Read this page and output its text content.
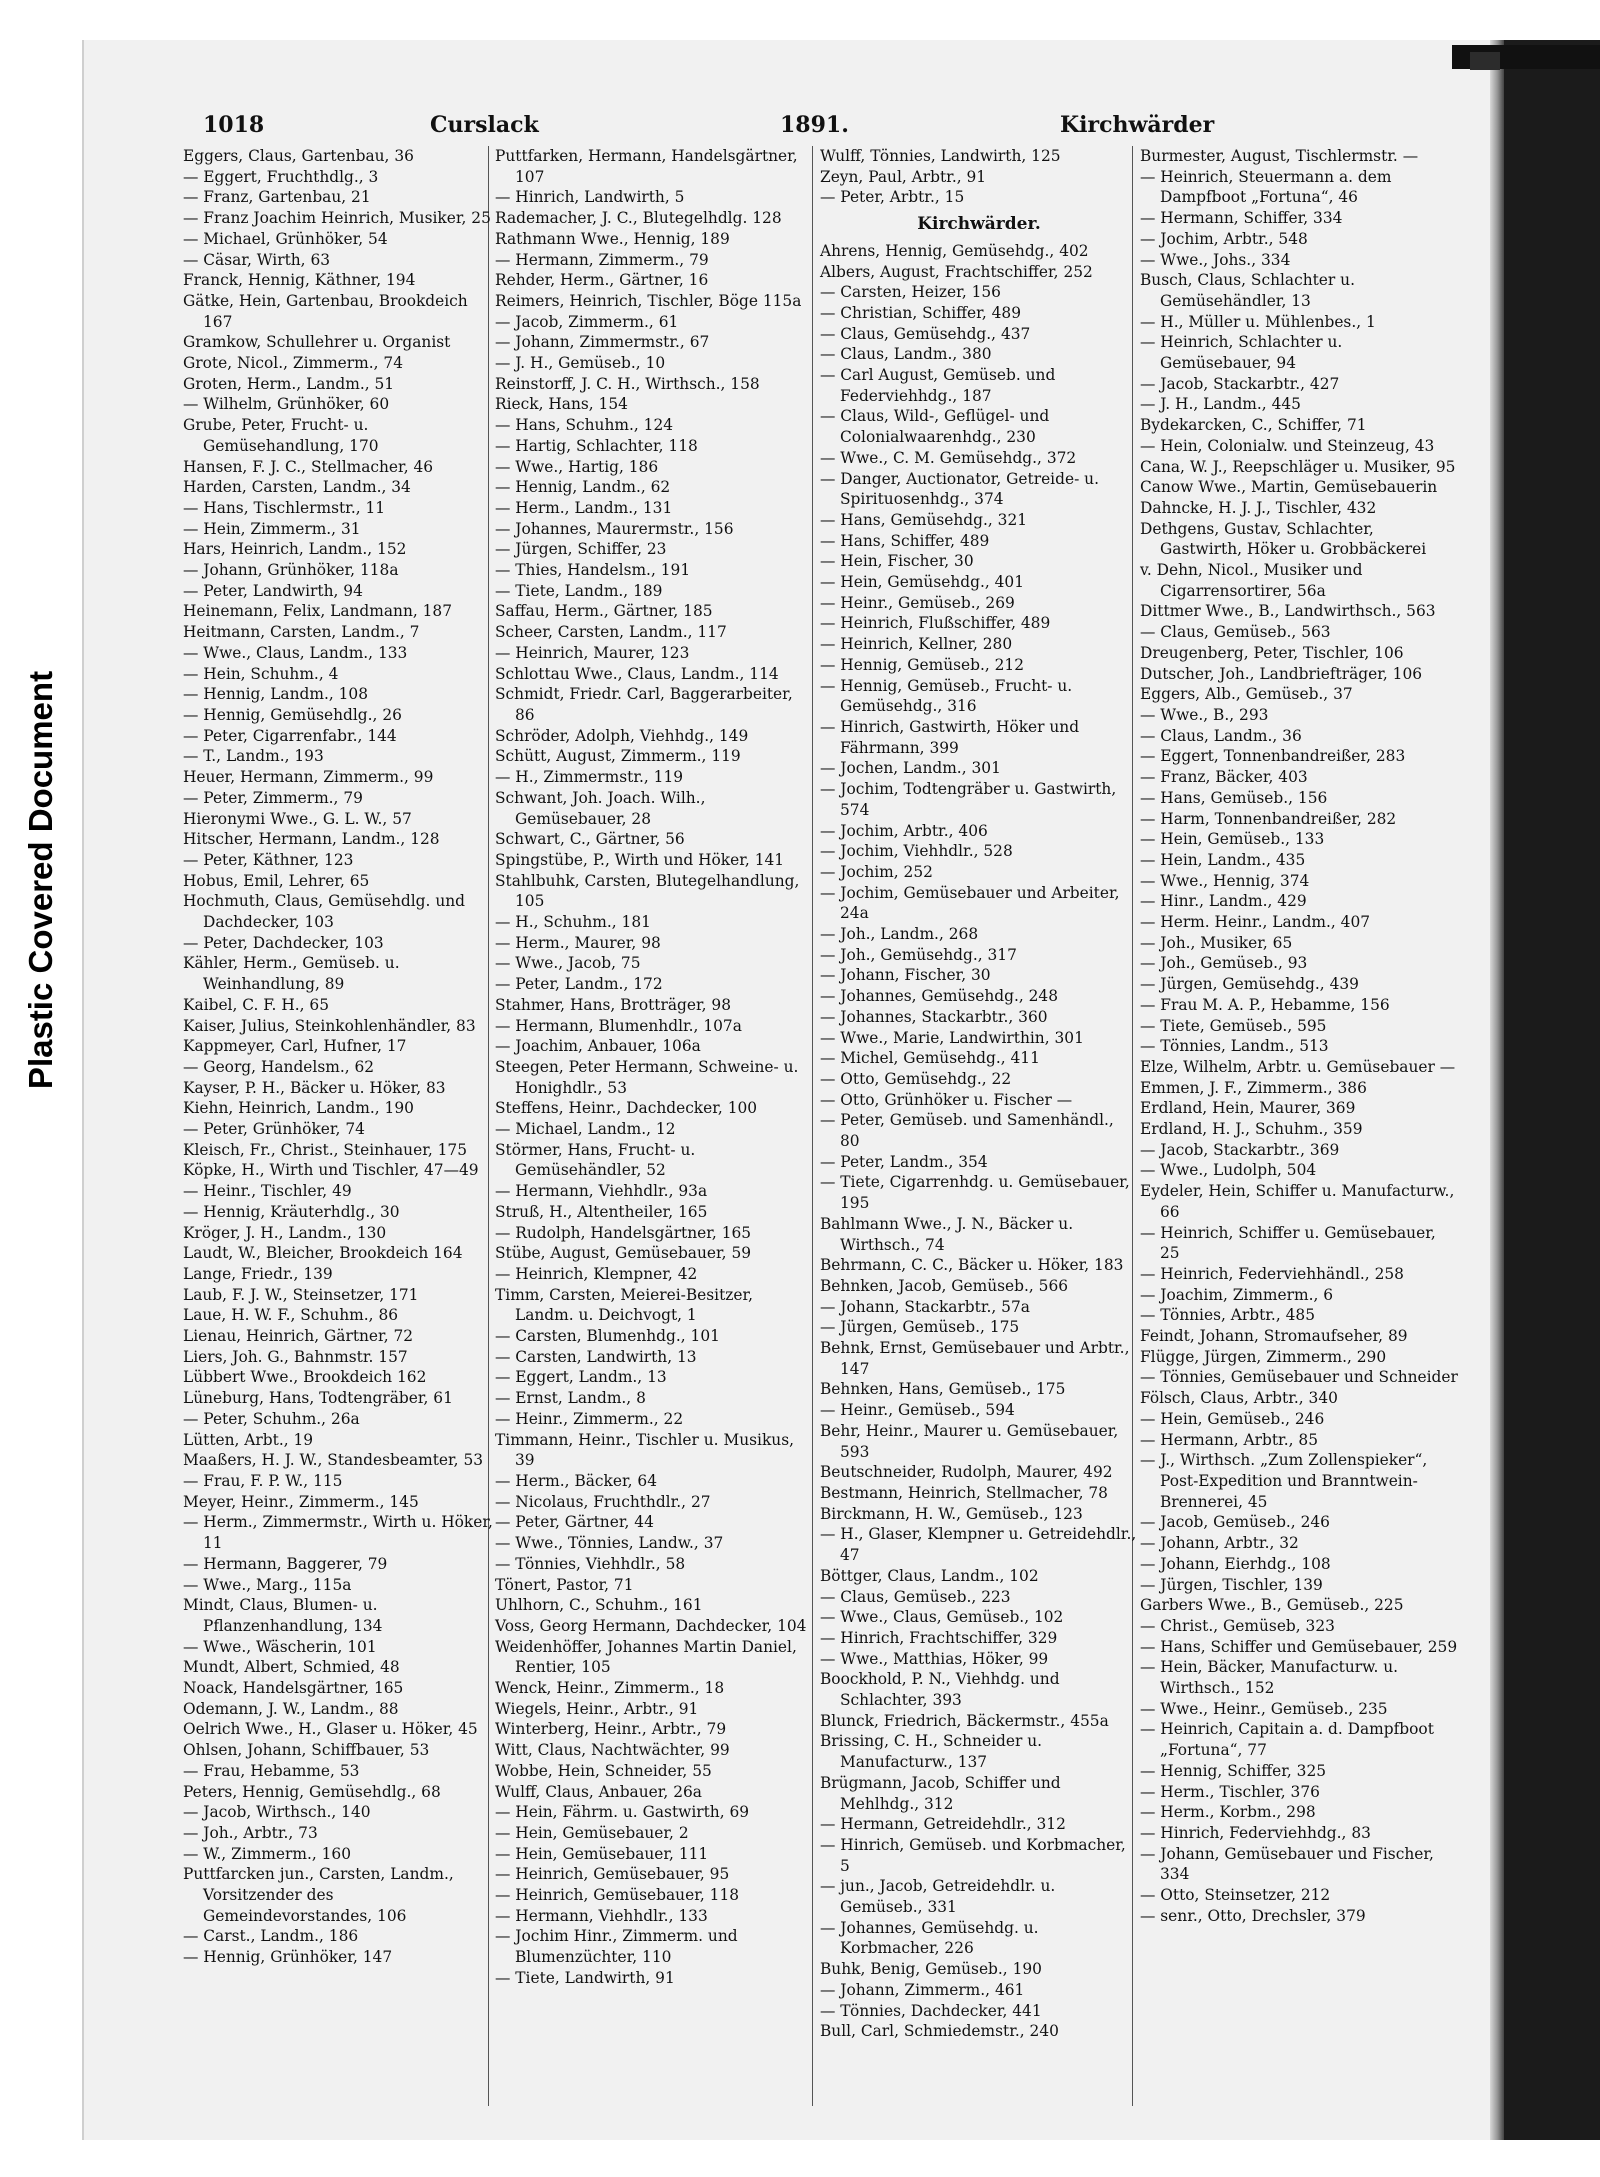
Plastic Covered Document
1018	Curslack	1891.	Kirchwärder
Eggers, Claus, Gartenbau, 36
— Eggert, Fruchthdlg., 3
— Franz, Gartenbau, 21
— Franz Joachim Heinrich, Musiker, 25
— Michael, Grünhöker, 54
— Cäsar, Wirth, 63
Franck, Hennig, Käthner, 194
Gätke, Hein, Gartenbau, Brookdeich 167
Gramkow, Schullehrer u. Organist
Grote, Nicol., Zimmerm., 74
Groten, Herm., Landm., 51
— Wilhelm, Grünhöker, 60
Grube, Peter, Frucht- u. Gemüsehandlung, 170
Hansen, F. J. C., Stellmacher, 46
Harden, Carsten, Landm., 34
— Hans, Tischlermstr., 11
— Hein, Zimmerm., 31
Hars, Heinrich, Landm., 152
— Johann, Grünhöker, 118a
— Peter, Landwirth, 94
Heinemann, Felix, Landmann, 187
Heitmann, Carsten, Landm., 7
— Wwe., Claus, Landm., 133
— Hein, Schuhm., 4
— Hennig, Landm., 108
— Hennig, Gemüsehdlg., 26
— Peter, Cigarrenfabr., 144
— T., Landm., 193
Heuer, Hermann, Zimmerm., 99
— Peter, Zimmerm., 79
Hieronymi Wwe., G. L. W., 57
Hitscher, Hermann, Landm., 128
— Peter, Käthner, 123
Hobus, Emil, Lehrer, 65
Hochmuth, Claus, Gemüsehdlg. und Dachdecker, 103
— Peter, Dachdecker, 103
Kähler, Herm., Gemüseb. u. Weinhandlung, 89
Kaibel, C. F. H., 65
Kaiser, Julius, Steinkohlenhändler, 83
Kappmeyer, Carl, Hufner, 17
— Georg, Handelsm., 62
Kayser, P. H., Bäcker u. Höker, 83
Kiehn, Heinrich, Landm., 190
— Peter, Grünhöker, 74
Kleisch, Fr., Christ., Steinhauer, 175
Köpke, H., Wirth und Tischler, 47—49
— Heinr., Tischler, 49
— Hennig, Kräuterhdlg., 30
Kröger, J. H., Landm., 130
Laudt, W., Bleicher, Brookdeich 164
Lange, Friedr., 139
Laub, F. J. W., Steinsetzer, 171
Laue, H. W. F., Schuhm., 86
Lienau, Heinrich, Gärtner, 72
Liers, Joh. G., Bahnmstr. 157
Lübbert Wwe., Brookdeich 162
Lüneburg, Hans, Todtengräber, 61
— Peter, Schuhm., 26a
Lütten, Arbt., 19
Maaßers, H. J. W., Standesbeamter, 53
— Frau, F. P. W., 115
Meyer, Heinr., Zimmerm., 145
— Herm., Zimmermstr., Wirth u. Höker, 11
— Hermann, Baggerer, 79
— Wwe., Marg., 115a
Mindt, Claus, Blumen- u. Pflanzenhandlung, 134
— Wwe., Wäscherin, 101
Mundt, Albert, Schmied, 48
Noack, Handelsgärtner, 165
Odemann, J. W., Landm., 88
Oelrich Wwe., H., Glaser u. Höker, 45
Ohlsen, Johann, Schiffbauer, 53
— Frau, Hebamme, 53
Peters, Hennig, Gemüsehdlg., 68
— Jacob, Wirthsch., 140
— Joh., Arbtr., 73
— W., Zimmerm., 160
Puttfarcken jun., Carsten, Landm., Vorsitzender des Gemeindevorstandes, 106
— Carst., Landm., 186
— Hennig, Grünhöker, 147
Puttfarken, Hermann, Handelsgärtner, 107
— Hinrich, Landwirth, 5
Rademacher, J. C., Blutegelhdlg. 128
Rathmann Wwe., Hennig, 189
— Hermann, Zimmerm., 79
Rehder, Herm., Gärtner, 16
Reimers, Heinrich, Tischler, Böge 115a
— Jacob, Zimmerm., 61
— Johann, Zimmermstr., 67
— J. H., Gemüseb., 10
Reinstorff, J. C. H., Wirthsch., 158
Rieck, Hans, 154
— Hans, Schuhm., 124
— Hartig, Schlachter, 118
— Wwe., Hartig, 186
— Hennig, Landm., 62
— Herm., Landm., 131
— Johannes, Maurermstr., 156
— Jürgen, Schiffer, 23
— Thies, Handelsm., 191
— Tiete, Landm., 189
Saffau, Herm., Gärtner, 185
Scheer, Carsten, Landm., 117
— Heinrich, Maurer, 123
Schlottau Wwe., Claus, Landm., 114
Schmidt, Friedr. Carl, Baggerarbeiter, 86
Schröder, Adolph, Viehhdg., 149
Schütt, August, Zimmerm., 119
— H., Zimmermstr., 119
Schwant, Joh. Joach. Wilh., Gemüsebauer, 28
Schwart, C., Gärtner, 56
Spingstübe, P., Wirth und Höker, 141
Stahlbuhk, Carsten, Blutegelhandlung, 105
— H., Schuhm., 181
— Herm., Maurer, 98
— Wwe., Jacob, 75
— Peter, Landm., 172
Stahmer, Hans, Brotträger, 98
— Hermann, Blumenhdlr., 107a
— Joachim, Anbauer, 106a
Steegen, Peter Hermann, Schweine- u. Honighdlr., 53
Steffens, Heinr., Dachdecker, 100
— Michael, Landm., 12
Störmer, Hans, Frucht- u. Gemüsehändler, 52
— Hermann, Viehhdlr., 93a
Struß, H., Altentheiler, 165
— Rudolph, Handelsgärtner, 165
Stübe, August, Gemüsebauer, 59
— Heinrich, Klempner, 42
Timm, Carsten, Meierei-Besitzer, Landm. u. Deichvogt, 1
— Carsten, Blumenhdg., 101
— Carsten, Landwirth, 13
— Eggert, Landm., 13
— Ernst, Landm., 8
— Heinr., Zimmerm., 22
Timmann, Heinr., Tischler u. Musikus, 39
— Herm., Bäcker, 64
— Nicolaus, Fruchthdlr., 27
— Peter, Gärtner, 44
— Wwe., Tönnies, Landw., 37
— Tönnies, Viehhdlr., 58
Tönert, Pastor, 71
Uhlhorn, C., Schuhm., 161
Voss, Georg Hermann, Dachdecker, 104
Weidenhöffer, Johannes Martin Daniel, Rentier, 105
Wenck, Heinr., Zimmerm., 18
Wiegels, Heinr., Arbtr., 91
Winterberg, Heinr., Arbtr., 79
Witt, Claus, Nachtwächter, 99
Wobbe, Hein, Schneider, 55
Wulff, Claus, Anbauer, 26a
— Hein, Fährm. u. Gastwirth, 69
— Hein, Gemüsebauer, 2
— Hein, Gemüsebauer, 111
— Heinrich, Gemüsebauer, 95
— Heinrich, Gemüsebauer, 118
— Hermann, Viehhdlr., 133
— Jochim Hinr., Zimmerm. und Blumenzüchter, 110
— Tiete, Landwirth, 91
Wulff, Tönnies, Landwirth, 125
Zeyn, Paul, Arbtr., 91
— Peter, Arbtr., 15
Kirchwärder.
Ahrens, Hennig, Gemüsehdg., 402
Albers, August, Frachtschiffer, 252
— Carsten, Heizer, 156
— Christian, Schiffer, 489
— Claus, Gemüsehdg., 437
— Claus, Landm., 380
— Carl August, Gemüseb. und Federviehhdg., 187
— Claus, Wild-, Geflügel- und Colonialwaarenhdg., 230
— Wwe., C. M. Gemüsehdg., 372
— Danger, Auctionator, Getreide- u. Spirituosenhdg., 374
— Hans, Gemüsehdg., 321
— Hans, Schiffer, 489
— Hein, Fischer, 30
— Hein, Gemüsehdg., 401
— Heinr., Gemüseb., 269
— Heinrich, Flußschiffer, 489
— Heinrich, Kellner, 280
— Hennig, Gemüseb., 212
— Hennig, Gemüseb., Frucht- u. Gemüsehdg., 316
— Hinrich, Gastwirth, Höker und Fährmann, 399
— Jochen, Landm., 301
— Jochim, Todtengräber u. Gastwirth, 574
— Jochim, Arbtr., 406
— Jochim, Viehhdlr., 528
— Jochim, 252
— Jochim, Gemüsebauer und Arbeiter, 24a
— Joh., Landm., 268
— Joh., Gemüsehdg., 317
— Johann, Fischer, 30
— Johannes, Gemüsehdg., 248
— Johannes, Stackarbtr., 360
— Wwe., Marie, Landwirthin, 301
— Michel, Gemüsehdg., 411
— Otto, Gemüsehdg., 22
— Otto, Grünhöker u. Fischer —
— Peter, Gemüseb. und Samenhändl., 80
— Peter, Landm., 354
— Tiete, Cigarrenhdg. u. Gemüsebauer, 195
Bahlmann Wwe., J. N., Bäcker u. Wirthsch., 74
Behrmann, C. C., Bäcker u. Höker, 183
Behnken, Jacob, Gemüseb., 566
— Johann, Stackarbtr., 57a
— Jürgen, Gemüseb., 175
Behnk, Ernst, Gemüsebauer und Arbtr., 147
Behnken, Hans, Gemüseb., 175
— Heinr., Gemüseb., 594
Behr, Heinr., Maurer u. Gemüsebauer, 593
Beutschneider, Rudolph, Maurer, 492
Bestmann, Heinrich, Stellmacher, 78
Birckmann, H. W., Gemüseb., 123
— H., Glaser, Klempner u. Getreidehdlr., 47
Böttger, Claus, Landm., 102
— Claus, Gemüseb., 223
— Wwe., Claus, Gemüseb., 102
— Hinrich, Frachtschiffer, 329
— Wwe., Matthias, Höker, 99
Boockhold, P. N., Viehhdg. und Schlachter, 393
Blunck, Friedrich, Bäckermstr., 455a
Brissing, C. H., Schneider u. Manufacturw., 137
Brügmann, Jacob, Schiffer und Mehlhdg., 312
— Hermann, Getreidehdlr., 312
— Hinrich, Gemüseb. und Korbmacher, 5
— jun., Jacob, Getreidehdlr. u. Gemüseb., 331
— Johannes, Gemüsehdg. u. Korbmacher, 226
Buhk, Benig, Gemüseb., 190
— Johann, Zimmerm., 461
— Tönnies, Dachdecker, 441
Bull, Carl, Schmiedemstr., 240
Burmester, August, Tischlermstr. —
— Heinrich, Steuermann a. dem Dampfboot „Fortuna“, 46
— Hermann, Schiffer, 334
— Jochim, Arbtr., 548
— Wwe., Johs., 334
Busch, Claus, Schlachter u. Gemüsehändler, 13
— H., Müller u. Mühlenbes., 1
— Heinrich, Schlachter u. Gemüsebauer, 94
— Jacob, Stackarbtr., 427
— J. H., Landm., 445
Bydekarcken, C., Schiffer, 71
— Hein, Colonialw. und Steinzeug, 43
Cana, W. J., Reepschläger u. Musiker, 95
Canow Wwe., Martin, Gemüsebauerin
Dahncke, H. J. J., Tischler, 432
Dethgens, Gustav, Schlachter, Gastwirth, Höker u. Grobbäckerei
v. Dehn, Nicol., Musiker und Cigarrensortirer, 56a
Dittmer Wwe., B., Landwirthsch., 563
— Claus, Gemüseb., 563
Dreugenberg, Peter, Tischler, 106
Dutscher, Joh., Landbriefträger, 106
Eggers, Alb., Gemüseb., 37
— Wwe., B., 293
— Claus, Landm., 36
— Eggert, Tonnenbandreißer, 283
— Franz, Bäcker, 403
— Hans, Gemüseb., 156
— Harm, Tonnenbandreißer, 282
— Hein, Gemüseb., 133
— Hein, Landm., 435
— Wwe., Hennig, 374
— Hinr., Landm., 429
— Herm. Heinr., Landm., 407
— Joh., Musiker, 65
— Joh., Gemüseb., 93
— Jürgen, Gemüsehdg., 439
— Frau M. A. P., Hebamme, 156
— Tiete, Gemüseb., 595
— Tönnies, Landm., 513
Elze, Wilhelm, Arbtr. u. Gemüsebauer —
Emmen, J. F., Zimmerm., 386
Erdland, Hein, Maurer, 369
Erdland, H. J., Schuhm., 359
— Jacob, Stackarbtr., 369
— Wwe., Ludolph, 504
Eydeler, Hein, Schiffer u. Manufacturw., 66
— Heinrich, Schiffer u. Gemüsebauer, 25
— Heinrich, Federviehhändl., 258
— Joachim, Zimmerm., 6
— Tönnies, Arbtr., 485
Feindt, Johann, Stromaufseher, 89
Flügge, Jürgen, Zimmerm., 290
— Tönnies, Gemüsebauer und Schneider
Fölsch, Claus, Arbtr., 340
— Hein, Gemüseb., 246
— Hermann, Arbtr., 85
— J., Wirthsch. „Zum Zollenspieker“, Post-Expedition und Branntwein-Brennerei, 45
— Jacob, Gemüseb., 246
— Johann, Arbtr., 32
— Johann, Eierhdg., 108
— Jürgen, Tischler, 139
Garbers Wwe., B., Gemüseb., 225
— Christ., Gemüseb, 323
— Hans, Schiffer und Gemüsebauer, 259
— Hein, Bäcker, Manufacturw. u. Wirthsch., 152
— Wwe., Heinr., Gemüseb., 235
— Heinrich, Capitain a. d. Dampfboot „Fortuna“, 77
— Hennig, Schiffer, 325
— Herm., Tischler, 376
— Herm., Korbm., 298
— Hinrich, Federviehhdg., 83
— Johann, Gemüsebauer und Fischer, 334
— Otto, Steinsetzer, 212
— senr., Otto, Drechsler, 379
